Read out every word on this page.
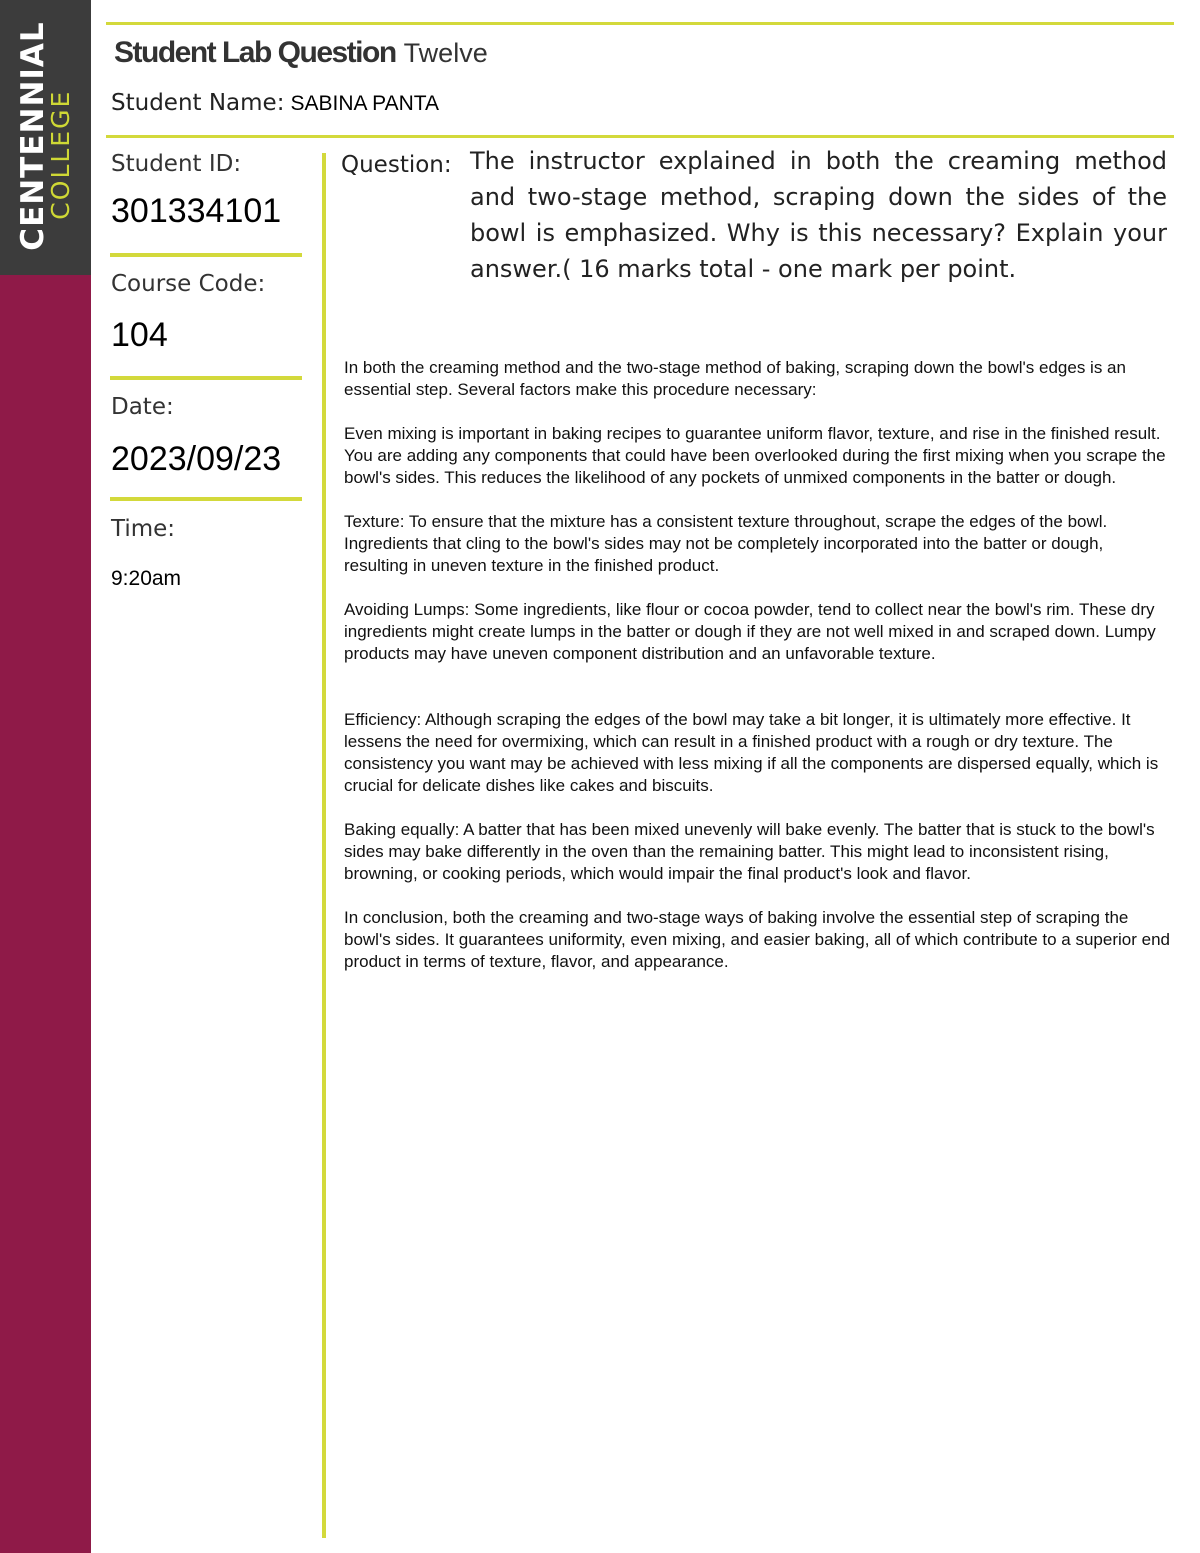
CENTENNIAL
COLLEGE
Student Lab Question Twelve
Student Name: SABINA PANTA
Student ID:
301334101
Course Code:
104
Date:
2023/09/23
Time:
9:20am
Question: The instructor explained in both the creaming method and two-stage method, scraping down the sides of the bowl is emphasized. Why is this necessary? Explain your answer.( 16 marks total - one mark per point.

In both the creaming method and the two-stage method of baking, scraping down the bowl's edges is an essential step. Several factors make this procedure necessary:

Even mixing is important in baking recipes to guarantee uniform flavor, texture, and rise in the finished result. You are adding any components that could have been overlooked during the first mixing when you scrape the bowl's sides. This reduces the likelihood of any pockets of unmixed components in the batter or dough.

Texture: To ensure that the mixture has a consistent texture throughout, scrape the edges of the bowl. Ingredients that cling to the bowl's sides may not be completely incorporated into the batter or dough, resulting in uneven texture in the finished product.

Avoiding Lumps: Some ingredients, like flour or cocoa powder, tend to collect near the bowl's rim. These dry ingredients might create lumps in the batter or dough if they are not well mixed in and scraped down. Lumpy products may have uneven component distribution and an unfavorable texture.

Efficiency: Although scraping the edges of the bowl may take a bit longer, it is ultimately more effective. It lessens the need for overmixing, which can result in a finished product with a rough or dry texture. The consistency you want may be achieved with less mixing if all the components are dispersed equally, which is crucial for delicate dishes like cakes and biscuits.

Baking equally: A batter that has been mixed unevenly will bake evenly. The batter that is stuck to the bowl's sides may bake differently in the oven than the remaining batter. This might lead to inconsistent rising, browning, or cooking periods, which would impair the final product's look and flavor.

In conclusion, both the creaming and two-stage ways of baking involve the essential step of scraping the bowl's sides. It guarantees uniformity, even mixing, and easier baking, all of which contribute to a superior end product in terms of texture, flavor, and appearance.
